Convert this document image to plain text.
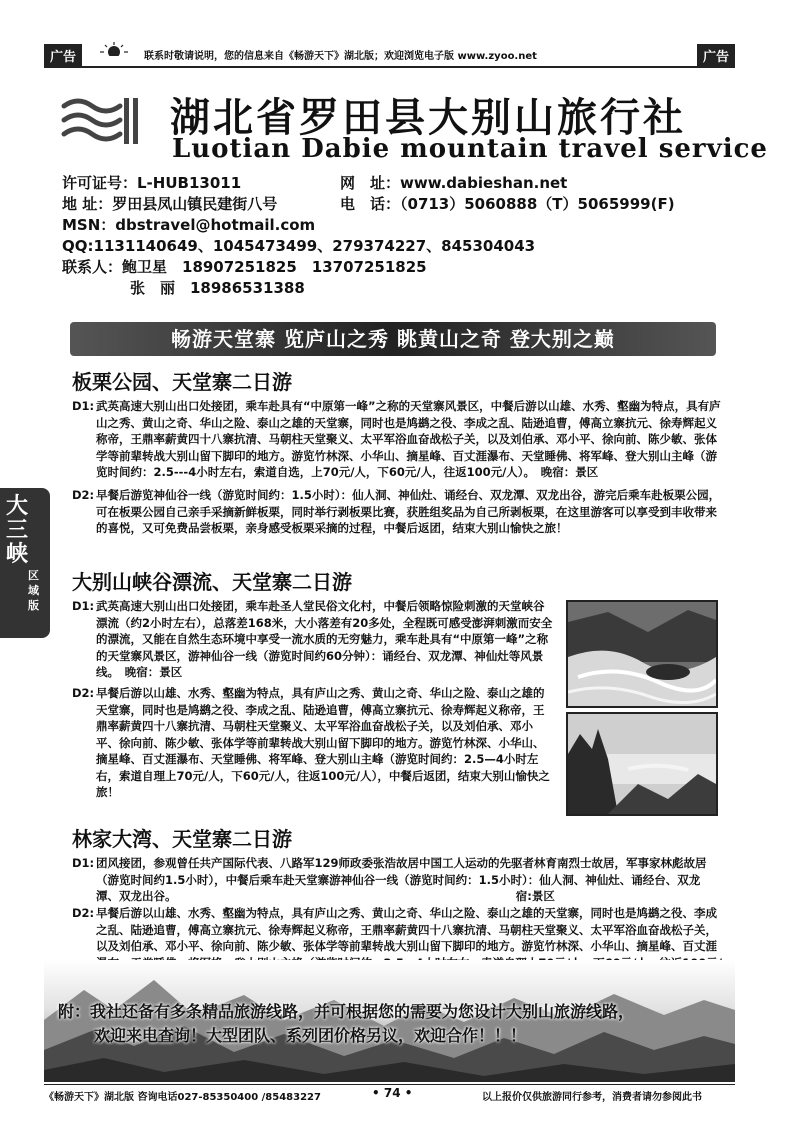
广告	联系时敬请说明，您的信息来自《畅游天下》湖北版；欢迎浏览电子版 www.zyoo.net	广告
湖北省罗田县大别山旅行社
Luotian Dabie mountain travel service
许可证号：L-HUB13011	网　址：www.dabieshan.net
地 址：罗田县凤山镇民建街八号	电　话：（0713）5060888（T）5065999(F)
MSN：dbstravel@hotmail.com
QQ:1131140649、1045473499、279374227、845304043
联系人：鲍卫星　18907251825　13707251825
张　丽　18986531388
畅游天堂寨 览庐山之秀 眺黄山之奇 登大别之巅
大三峡
区域版
板栗公园、天堂寨二日游
D1: 武英高速大别山出口处接团，乘车赴具有“中原第一峰”之称的天堂寨风景区，中餐后游以山雄、水秀、壑幽为特点，具有庐山之秀、黄山之奇、华山之险、泰山之雄的天堂寨，同时也是鸠鹚之役、李成之乱、陆逊追曹，傅高立寨抗元、徐寿辉起义称帝，王鼎率薪黄四十八寨抗清、马朝柱天堂聚义、太平军浴血奋战松子关，以及刘伯承、邓小平、徐向前、陈少敏、张体学等前辈转战大别山留下脚印的地方。游览竹林深、小华山、摘星峰、百丈涯瀑布、天堂睡佛、将军峰、登大别山主峰（游览时间约：2.5---4小时左右，索道自选，上70元/人，下60元/人，往返100元/人）。　晚宿：景区
D2: 早餐后游览神仙谷一线（游览时间约：1.5小时）：仙人洞、神仙灶、诵经台、双龙潭、双龙出谷，游完后乘车赴板栗公园，可在板栗公园自己亲手采摘新鲜板栗，同时举行剥板栗比赛，获胜组奖品为自己所剥板栗，在这里游客可以享受到丰收带来的喜悦，又可免费品尝板栗，亲身感受板栗采摘的过程，中餐后返团，结束大别山愉快之旅！
大别山峡谷漂流、天堂寨二日游
D1: 武英高速大别山出口处接团，乘车赴圣人堂民俗文化村，中餐后领略惊险刺激的天堂峡谷漂流（约2小时左右），总落差168米，大小落差有20多处，全程既可感受澎湃刺激而安全的漂流，又能在自然生态环境中享受一流水质的无穷魅力，乘车赴具有“中原第一峰”之称的天堂寨风景区，游神仙谷一线（游览时间约60分钟）：诵经台、双龙潭、神仙灶等风景线。　晚宿：景区
D2: 早餐后游以山雄、水秀、壑幽为特点，具有庐山之秀、黄山之奇、华山之险、泰山之雄的天堂寨，同时也是鸠鹚之役、李成之乱、陆逊追曹，傅高立寨抗元、徐寿辉起义称帝，王鼎率薪黄四十八寨抗清、马朝柱天堂聚义、太平军浴血奋战松子关，以及刘伯承、邓小平、徐向前、陈少敏、张体学等前辈转战大别山留下脚印的地方。游览竹林深、小华山、摘星峰、百丈涯瀑布、天堂睡佛、将军峰、登大别山主峰（游览时间约：2.5—4小时左右，索道自理上70元/人，下60元/人，往返100元/人），中餐后返团，结束大别山愉快之旅！
林家大湾、天堂寨二日游
D1: 团风接团，参观曾任共产国际代表、八路军129师政委张浩故居中国工人运动的先驱者林育南烈士故居，军事家林彪故居（游览时间约1.5小时），中餐后乘车赴天堂寨游神仙谷一线（游览时间约：1.5小时）：仙人洞、神仙灶、诵经台、双龙潭、双龙出谷。　　　　　　　　　　　　　　　　　　　　　　　　　　　　　　宿:景区
D2: 早餐后游以山雄、水秀、壑幽为特点，具有庐山之秀、黄山之奇、华山之险、泰山之雄的天堂寨，同时也是鸠鹚之役、李成之乱、陆逊追曹，傅高立寨抗元、徐寿辉起义称帝，王鼎率薪黄四十八寨抗清、马朝柱天堂聚义、太平军浴血奋战松子关，以及刘伯承、邓小平、徐向前、陈少敏、张体学等前辈转战大别山留下脚印的地方。游览竹林深、小华山、摘星峰、百丈涯
附：我社还备有多条精品旅游线路，并可根据您的需要为您设计大别山旅游线路，
欢迎来电查询！大型团队、系列团价格另议，欢迎合作！！！
《畅游天下》湖北版 咨询电话027-85350400 /85483227	• 74 •	以上报价仅供旅游同行参考，消费者请勿参阅此书
